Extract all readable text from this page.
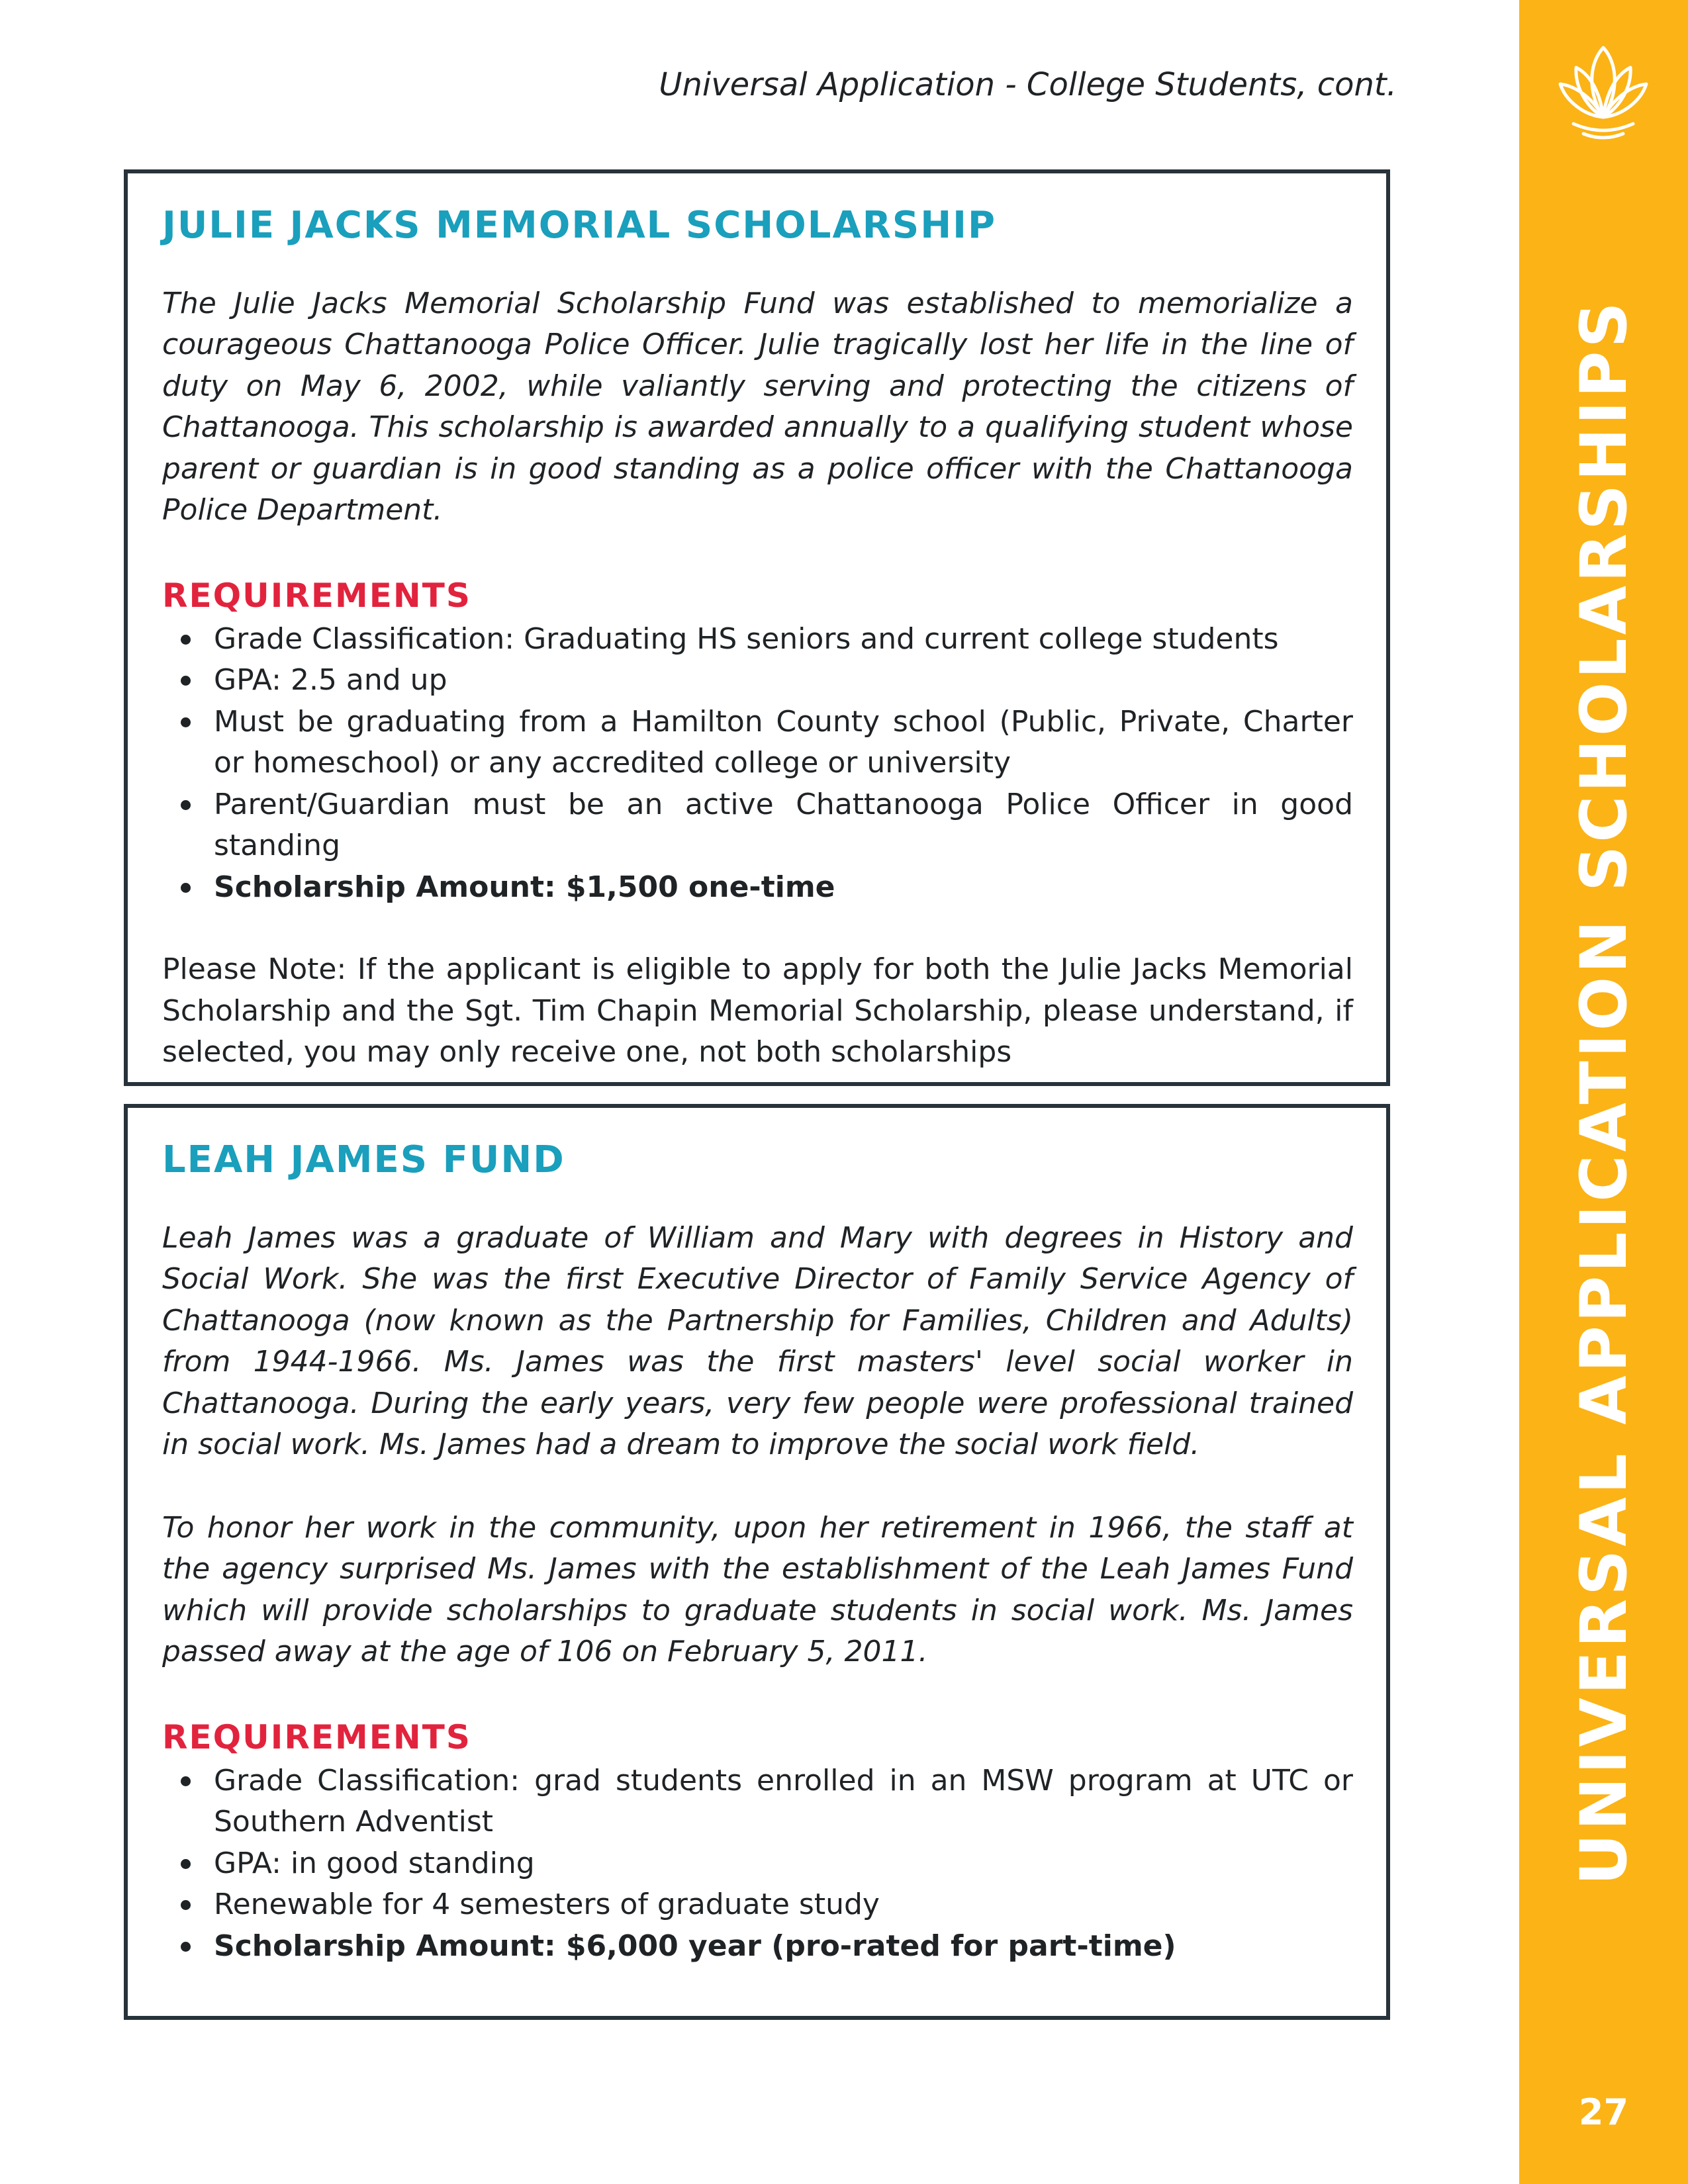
Universal Application - College Students, cont.
JULIE JACKS MEMORIAL SCHOLARSHIP

The Julie Jacks Memorial Scholarship Fund was established to memorialize a courageous Chattanooga Police Officer. Julie tragically lost her life in the line of duty on May 6, 2002, while valiantly serving and protecting the citizens of Chattanooga. This scholarship is awarded annually to a qualifying student whose parent or guardian is in good standing as a police officer with the Chattanooga Police Department.

REQUIREMENTS
Grade Classification: Graduating HS seniors and current college students
GPA: 2.5 and up
Must be graduating from a Hamilton County school (Public, Private, Charter or homeschool) or any accredited college or university
Parent/Guardian must be an active Chattanooga Police Officer in good standing
Scholarship Amount: $1,500 one-time

Please Note: If the applicant is eligible to apply for both the Julie Jacks Memorial Scholarship and the Sgt. Tim Chapin Memorial Scholarship, please understand, if selected, you may only receive one, not both scholarships

LEAH JAMES FUND

Leah James was a graduate of William and Mary with degrees in History and Social Work. She was the first Executive Director of Family Service Agency of Chattanooga (now known as the Partnership for Families, Children and Adults) from 1944-1966. Ms. James was the first masters' level social worker in Chattanooga. During the early years, very few people were professional trained in social work. Ms. James had a dream to improve the social work field.

To honor her work in the community, upon her retirement in 1966, the staff at the agency surprised Ms. James with the establishment of the Leah James Fund which will provide scholarships to graduate students in social work. Ms. James passed away at the age of 106 on February 5, 2011.

REQUIREMENTS
Grade Classification: grad students enrolled in an MSW program at UTC or Southern Adventist
GPA: in good standing
Renewable for 4 semesters of graduate study
Scholarship Amount: $6,000 year (pro-rated for part-time)
UNIVERSAL APPLICATION SCHOLARSHIPS
27
